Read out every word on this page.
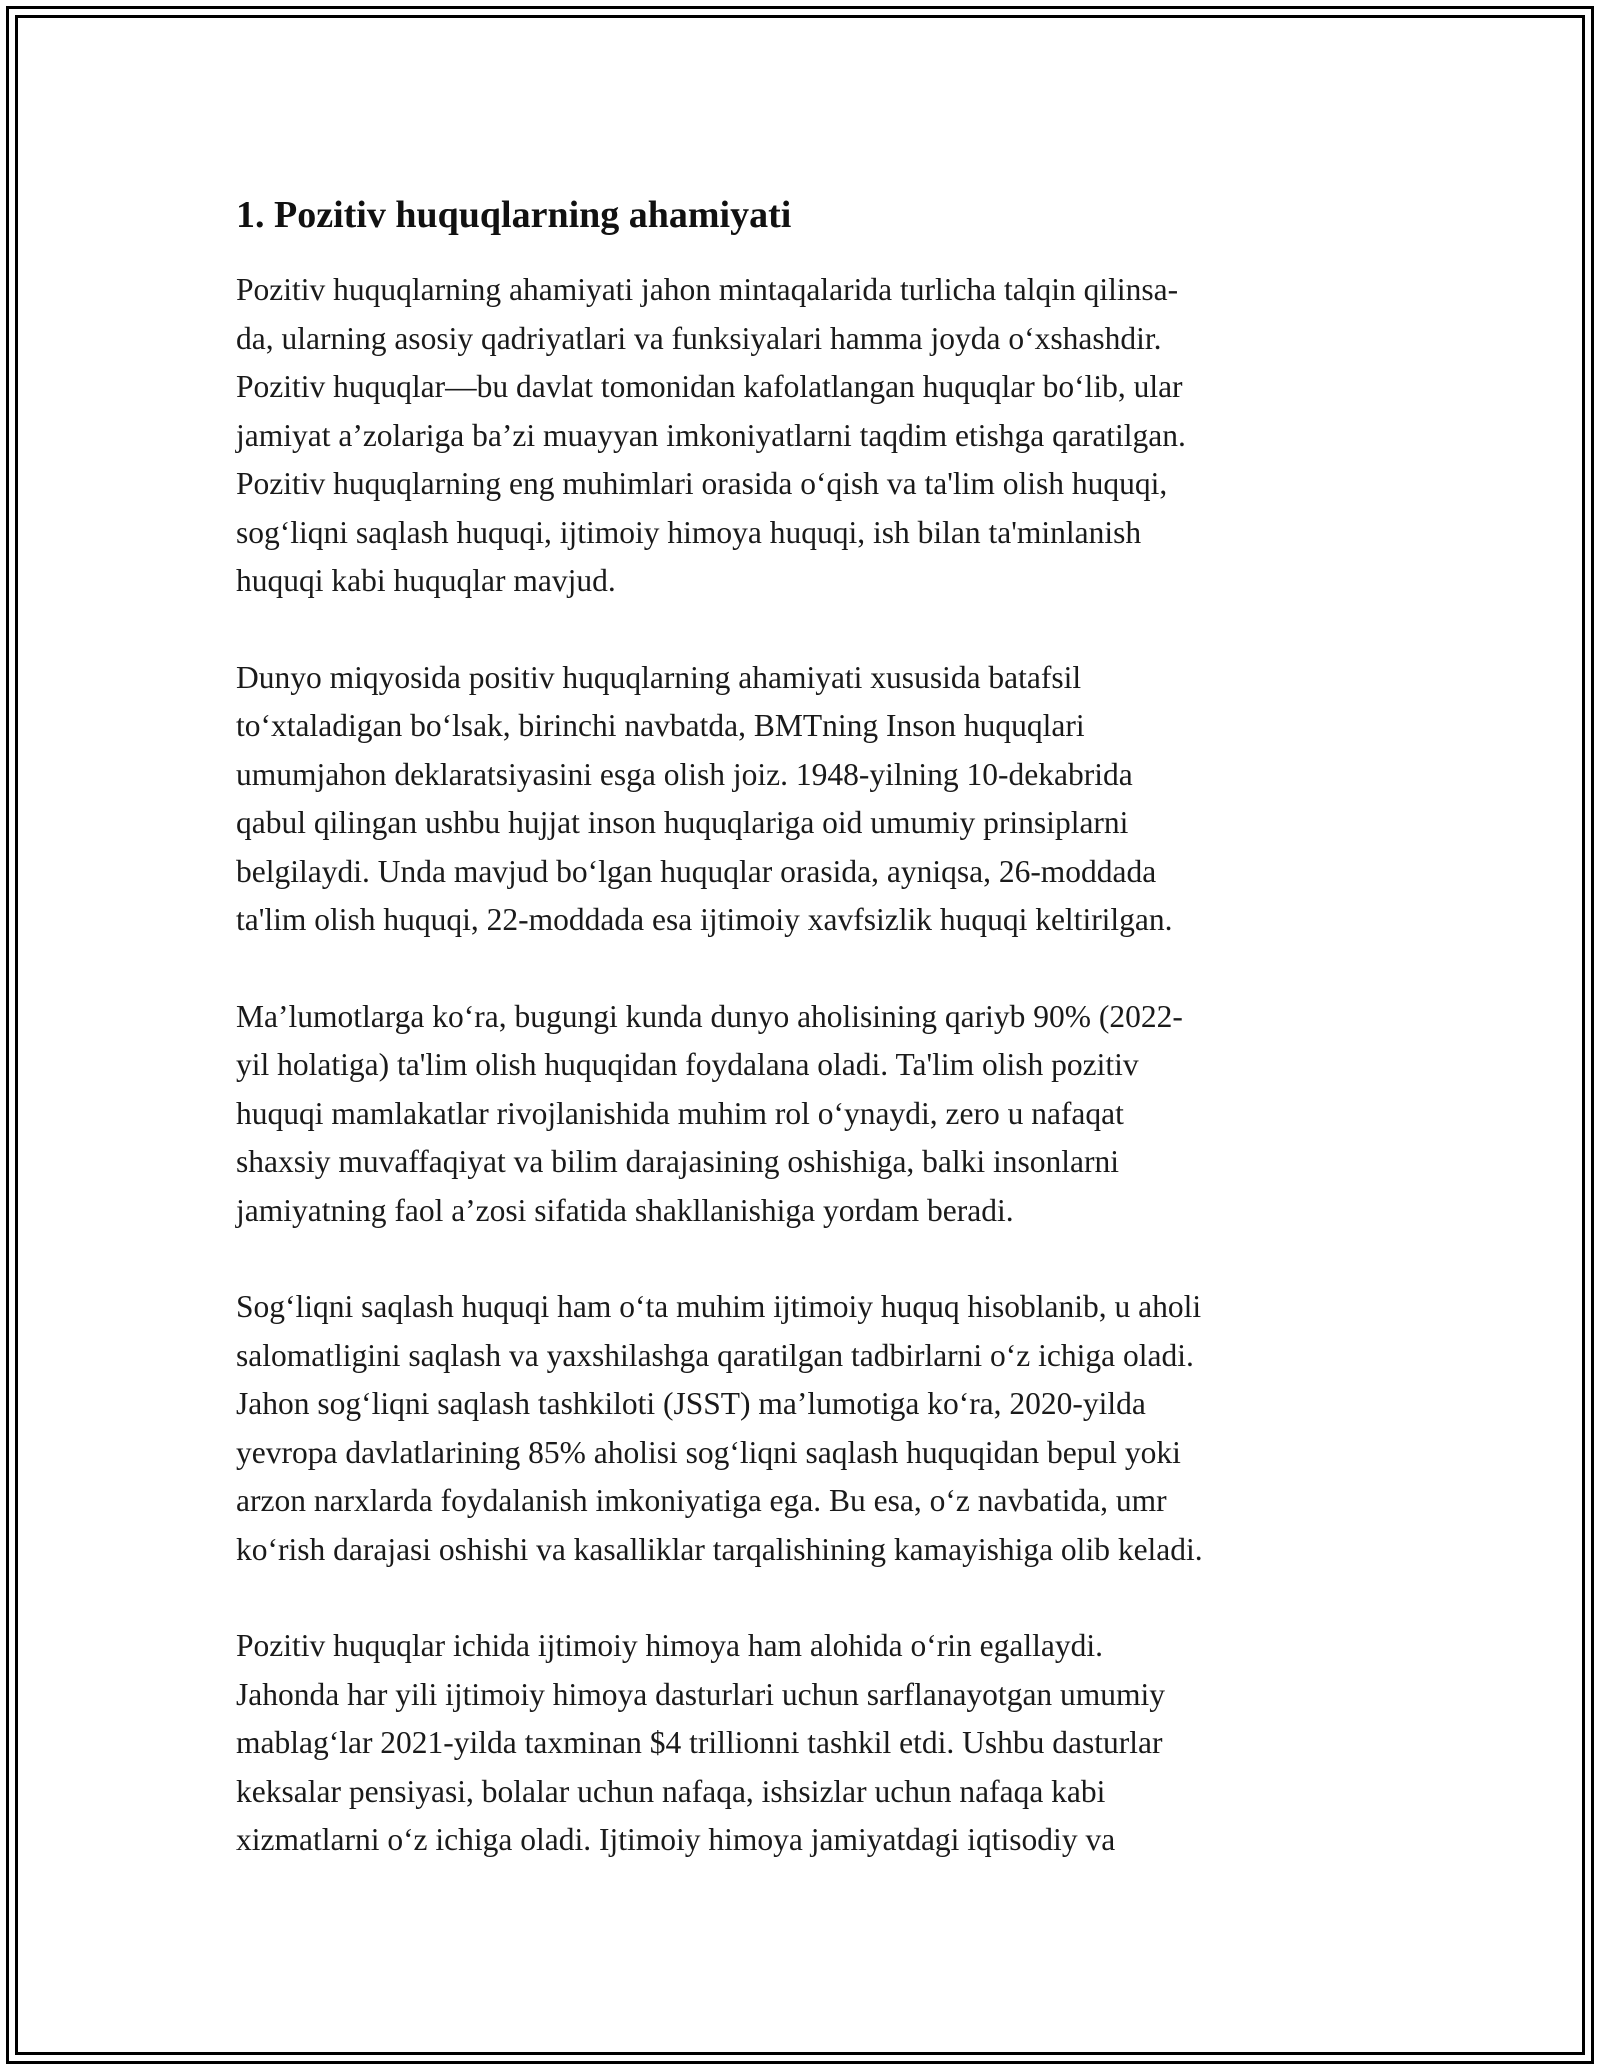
1. Pozitiv huquqlarning ahamiyati

Pozitiv huquqlarning ahamiyati jahon mintaqalarida turlicha talqin qilinsa-
da, ularning asosiy qadriyatlari va funksiyalari hamma joyda o‘xshashdir.
Pozitiv huquqlar—bu davlat tomonidan kafolatlangan huquqlar bo‘lib, ular
jamiyat a’zolariga ba’zi muayyan imkoniyatlarni taqdim etishga qaratilgan.
Pozitiv huquqlarning eng muhimlari orasida o‘qish va ta'lim olish huquqi,
sog‘liqni saqlash huquqi, ijtimoiy himoya huquqi, ish bilan ta'minlanish
huquqi kabi huquqlar mavjud.

Dunyo miqyosida positiv huquqlarning ahamiyati xususida batafsil
to‘xtaladigan bo‘lsak, birinchi navbatda, BMTning Inson huquqlari
umumjahon deklaratsiyasini esga olish joiz. 1948-yilning 10-dekabrida
qabul qilingan ushbu hujjat inson huquqlariga oid umumiy prinsiplarni
belgilaydi. Unda mavjud bo‘lgan huquqlar orasida, ayniqsa, 26-moddada
ta'lim olish huquqi, 22-moddada esa ijtimoiy xavfsizlik huquqi keltirilgan.

Ma’lumotlarga ko‘ra, bugungi kunda dunyo aholisining qariyb 90% (2022-
yil holatiga) ta'lim olish huquqidan foydalana oladi. Ta'lim olish pozitiv
huquqi mamlakatlar rivojlanishida muhim rol o‘ynaydi, zero u nafaqat
shaxsiy muvaffaqiyat va bilim darajasining oshishiga, balki insonlarni
jamiyatning faol a’zosi sifatida shakllanishiga yordam beradi.

Sog‘liqni saqlash huquqi ham o‘ta muhim ijtimoiy huquq hisoblanib, u aholi
salomatligini saqlash va yaxshilashga qaratilgan tadbirlarni o‘z ichiga oladi.
Jahon sog‘liqni saqlash tashkiloti (JSST) ma’lumotiga ko‘ra, 2020-yilda
yevropa davlatlarining 85% aholisi sog‘liqni saqlash huquqidan bepul yoki
arzon narxlarda foydalanish imkoniyatiga ega. Bu esa, o‘z navbatida, umr
ko‘rish darajasi oshishi va kasalliklar tarqalishining kamayishiga olib keladi.

Pozitiv huquqlar ichida ijtimoiy himoya ham alohida o‘rin egallaydi.
Jahonda har yili ijtimoiy himoya dasturlari uchun sarflanayotgan umumiy
mablag‘lar 2021-yilda taxminan $4 trillionni tashkil etdi. Ushbu dasturlar
keksalar pensiyasi, bolalar uchun nafaqa, ishsizlar uchun nafaqa kabi
xizmatlarni o‘z ichiga oladi. Ijtimoiy himoya jamiyatdagi iqtisodiy va
